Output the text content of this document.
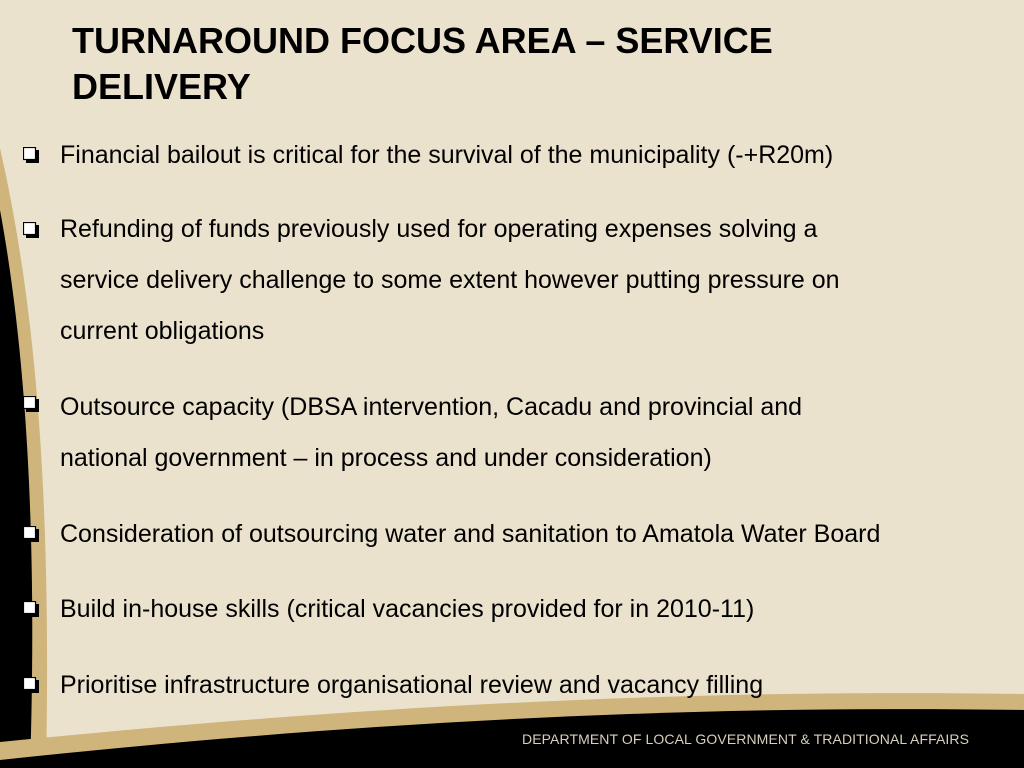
TURNAROUND FOCUS AREA – SERVICE DELIVERY
Financial bailout is critical for the survival of the municipality (-+R20m)
Refunding of funds previously used for operating expenses solving a
service delivery challenge to some extent however putting pressure on
current obligations
Outsource capacity (DBSA intervention, Cacadu and provincial and
national government – in process and under consideration)
Consideration of outsourcing water and sanitation to Amatola Water Board
Build in-house skills (critical vacancies provided for in 2010-11)
Prioritise infrastructure organisational review and vacancy filling
DEPARTMENT OF LOCAL GOVERNMENT & TRADITIONAL AFFAIRS
